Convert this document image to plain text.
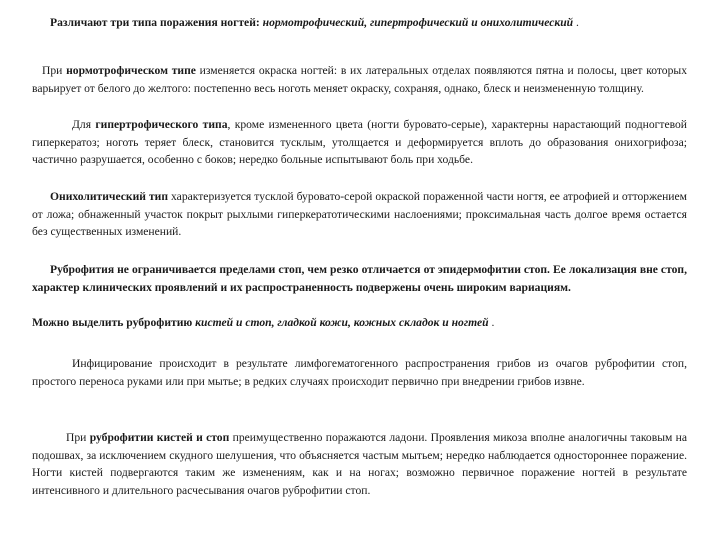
Различают три типа поражения ногтей: нормотрофический, гипертрофический и онихолитический .

При нормотрофическом типе изменяется окраска ногтей: в их латеральных отделах появляются пятна и полосы, цвет которых варьирует от белого до желтого: постепенно весь ноготь меняет окраску, сохраняя, однако, блеск и неизмененную толщину.

Для гипертрофического типа, кроме измененного цвета (ногти буровато-серые), характерны нарастающий подногтевой гиперкератоз; ноготь теряет блеск, становится тусклым, утолщается и деформируется вплоть до образования онихогрифоза; частично разрушается, особенно с боков; нередко больные испытывают боль при ходьбе.

Онихолитический тип характеризуется тусклой буровато-серой окраской пораженной части ногтя, ее атрофией и отторжением от ложа; обнаженный участок покрыт рыхлыми гиперкератотическими наслоениями; проксимальная часть долгое время остается без существенных изменений.

Руброфития не ограничивается пределами стоп, чем резко отличается от эпидермофитии стоп. Ее локализация вне стоп, характер клинических проявлений и их распространенность подвержены очень широким вариациям.

Можно выделить руброфитию кистей и стоп, гладкой кожи, кожных складок и ногтей .

Инфицирование происходит в результате лимфогематогенного распространения грибов из очагов руброфитии стоп, простого переноса руками или при мытье; в редких случаях происходит первично при внедрении грибов извне.

При руброфитии кистей и стоп преимущественно поражаются ладони. Проявления микоза вполне аналогичны таковым на подошвах, за исключением скудного шелушения, что объясняется частым мытьем; нередко наблюдается одностороннее поражение. Ногти кистей подвергаются таким же изменениям, как и на ногах; возможно первичное поражение ногтей в результате интенсивного и длительного расчесывания очагов руброфитии стоп.
